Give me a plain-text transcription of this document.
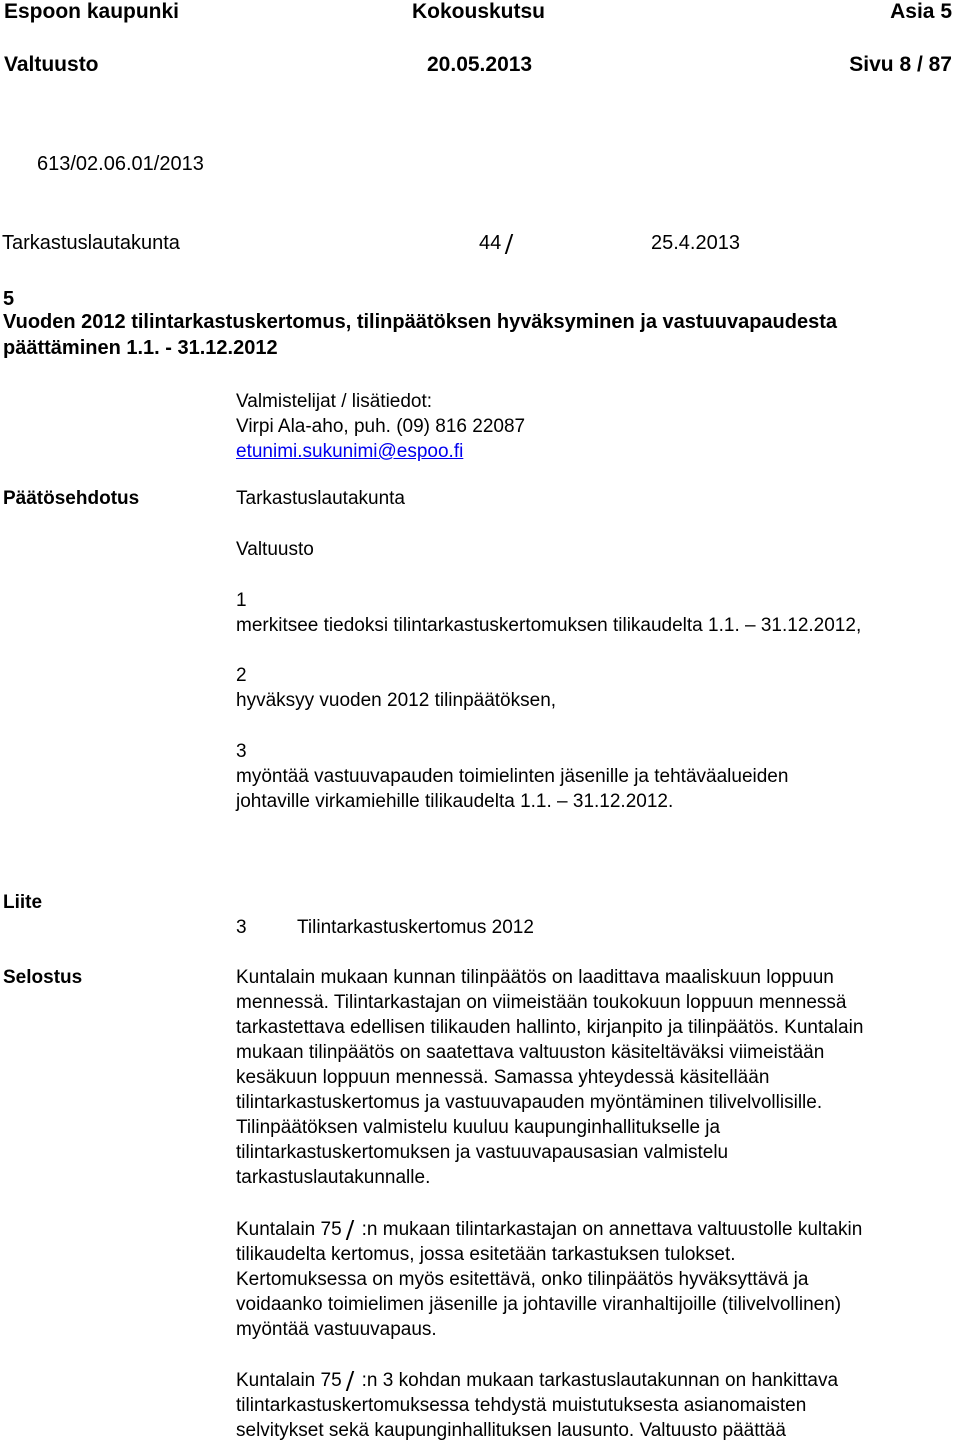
Espoon kaupunki	Kokouskutsu	Asia 5
Valtuusto	20.05.2013	Sivu 8 / 87
613/02.06.01/2013
Tarkastuslautakunta	44	25.4.2013
5
Vuoden 2012 tilintarkastuskertomus, tilinpäätöksen hyväksyminen ja vastuuvapaudesta
päättäminen 1.1. - 31.12.2012
Valmistelijat / lisätiedot:
Virpi Ala-aho, puh. (09) 816 22087
etunimi.sukunimi@espoo.fi
Päätösehdotus	Tarkastuslautakunta
Valtuusto
1
merkitsee tiedoksi tilintarkastuskertomuksen tilikaudelta 1.1. – 31.12.2012,
2
hyväksyy vuoden 2012 tilinpäätöksen,
3
myöntää vastuuvapauden toimielinten jäsenille ja tehtäväalueiden
johtaville virkamiehille tilikaudelta 1.1. – 31.12.2012.
Liite
3	Tilintarkastuskertomus 2012
Selostus	Kuntalain mukaan kunnan tilinpäätös on laadittava maaliskuun loppuun
mennessä. Tilintarkastajan on viimeistään toukokuun loppuun mennessä
tarkastettava edellisen tilikauden hallinto, kirjanpito ja tilinpäätös. Kuntalain
mukaan tilinpäätös on saatettava valtuuston käsiteltäväksi viimeistään
kesäkuun loppuun mennessä. Samassa yhteydessä käsitellään
tilintarkastuskertomus ja vastuuvapauden myöntäminen tilivelvollisille.
Tilinpäätöksen valmistelu kuuluu kaupunginhallitukselle ja
tilintarkastuskertomuksen ja vastuuvapausasian valmistelu
tarkastuslautakunnalle.
Kuntalain 75 :n mukaan tilintarkastajan on annettava valtuustolle kultakin
tilikaudelta kertomus, jossa esitetään tarkastuksen tulokset.
Kertomuksessa on myös esitettävä, onko tilinpäätös hyväksyttävä ja
voidaanko toimielimen jäsenille ja johtaville viranhaltijoille (tilivelvollinen)
myöntää vastuuvapaus.
Kuntalain 75 :n 3 kohdan mukaan tarkastuslautakunnan on hankittava
tilintarkastuskertomuksessa tehdystä muistutuksesta asianomaisten
selvitykset sekä kaupunginhallituksen lausunto. Valtuusto päättää
